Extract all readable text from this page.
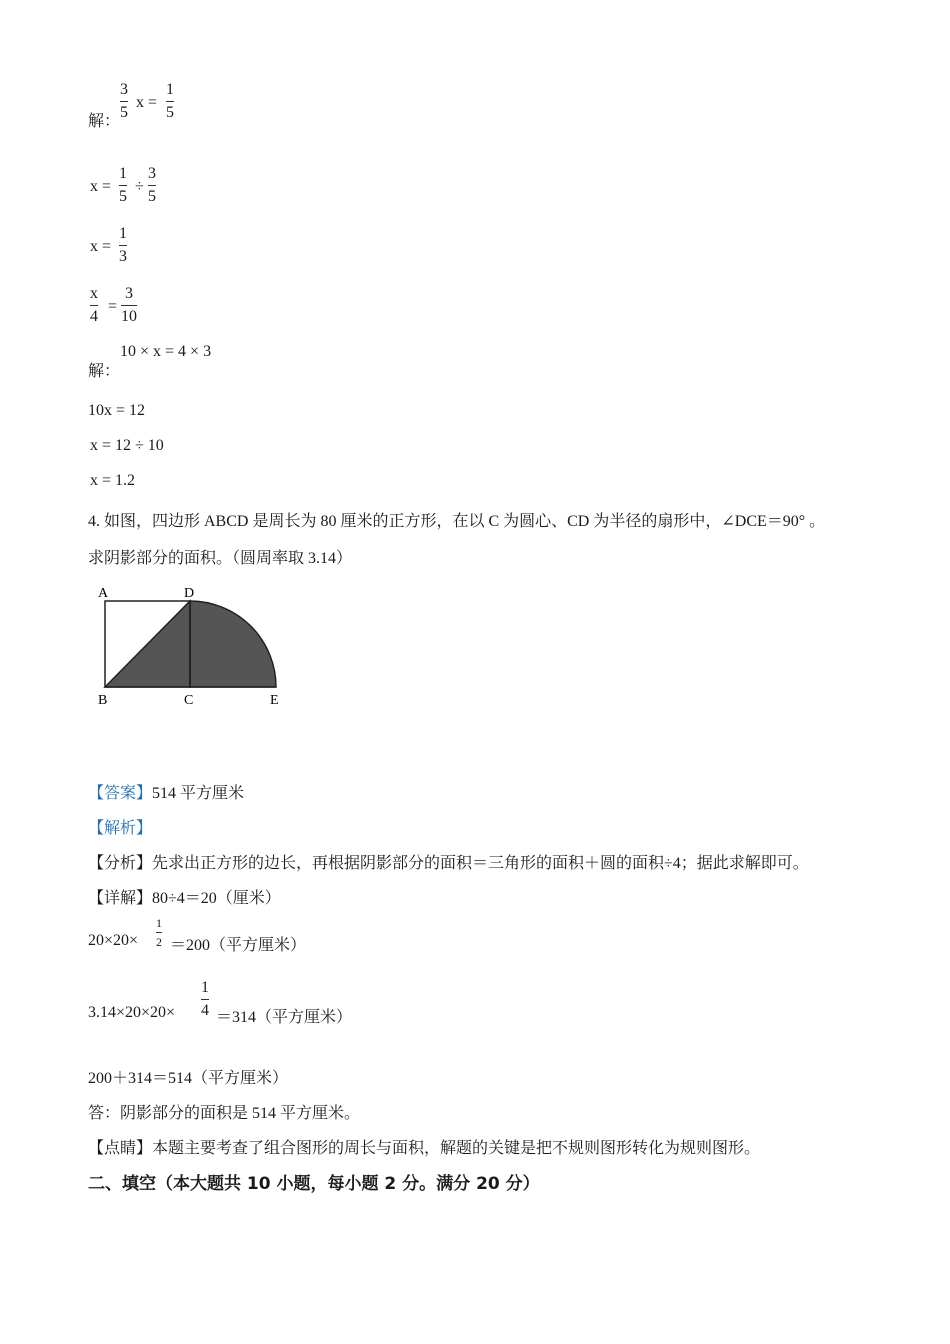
解：
3
5
x =
1
5
x =
1
5
÷
3
5
x =
1
3
x
4
=
3
10
10 × x = 4 × 3
解：
10x = 12
x = 12 ÷ 10
x = 1.2
4. 如图，四边形 ABCD 是周长为 80 厘米的正方形，在以 C 为圆心、CD 为半径的扇形中，∠DCE＝90° 。
求阴影部分的面积。（圆周率取 3.14）
A	D
B	C	E
【答案】514 平方厘米
【解析】
【分析】先求出正方形的边长，再根据阴影部分的面积＝三角形的面积＋圆的面积÷4；据此求解即可。
【详解】80÷4＝20（厘米）
20×20×
1
2 ＝200（平方厘米）
3.14×20×20×
1
4 ＝314（平方厘米）
200＋314＝514（平方厘米）
答：阴影部分的面积是 514 平方厘米。
【点睛】本题主要考查了组合图形的周长与面积，解题的关键是把不规则图形转化为规则图形。
二、填空（本大题共 10 小题，每小题 2 分。满分 20 分）
